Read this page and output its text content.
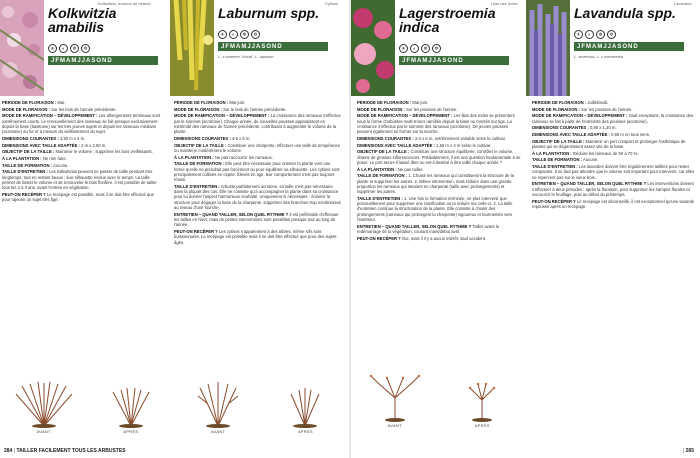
Kolkwitzia, buisson de beauté
Kolkwitzia
amabilis
☀	◐	❄	✲
JFMAMJJASOND

PÉRIODE DE FLORAISON : Mai.

MODE DE FLORAISON : Sur les bois de l'année précédente.

MODE DE RAMIFICATION – DÉVELOPPEMENT : Les allongements terminaux sont extrêmement courts. Le renouvellement des rameaux se fait presque exclusivement depuis la base (basitonie) sur les très jeunes sujets et depuis les rameaux médians (acrotonie) au fur et à mesure du vieillissement du sujet.

DIMENSIONS COURANTES : 3,50 m x 4 m.

DIMENSIONS AVEC TAILLE ADAPTÉE : 2 m x 2,50 m.

OBJECTIF DE LA TAILLE : Maintenir le volume ; supprimer les bois vieillissants.

À LA PLANTATION : Ne rien faire.

TAILLE DE FORMATION : Aucune.

TAILLE D'ENTRETIEN : Les kolkwitzias peuvent se passer de taille pendant très longtemps, tout en restant beaux ; leur silhouette évolue avec le temps. La taille permet de limiter le volume et de renouveler le bois florifère. Il est possible de tailler tous les 2 à 3 ans, avant l'entrée en végétation.

PEUT-ON RECÉPER ? Le recépage est possible, mais il ne doit être effectué que pour rajeunir un sujet très âgé.

Cytises
Laburnum spp.
☀	◐	❄	✲
JFMAMJJASOND
L. x watereri 'Vossii', L. alpinum

PÉRIODE DE FLORAISON : Mai-juin.

MODE DE FLORAISON : Sur le bois de l'année précédente.

MODE DE RAMIFICATION – DÉVELOPPEMENT : La croissance des rameaux s'effectue par le sommet (acrotonie). Chaque année, de nouvelles pousses apparaissent en extrémité des rameaux de l'année précédente, contribuant à augmenter le volume de la plante.

DIMENSIONS COURANTES : 4-5 x 6 m.

OBJECTIF DE LA TAILLE : Constituer une charpente, effectuer une taille de tempérance ou maintenir modérément le volume.

À LA PLANTATION : Ne pas raccourcir les rameaux.

TAILLE DE FORMATION : Elle peut être nécessaire pour orienter la plante vers une forme qu'elle ne prendrait pas forcément ou pour équilibrer sa silhouette. Les cytises sont principalement cultivés en cépée. Élevés en tige, leur comportement n'est pas toujours réussi.

TAILLE D'ENTRETIEN : Arbuste parfaitement acrotone, sa taille n'est pas nécessaire dans la plupart des cas. Elle ne consiste qu'à accompagner la plante dans sa croissance pour lui donner l'aspect harmonieux souhaité. Uniquement si nécessaire : éclaircir la structure pour dégager la base de la charpente, supprimer des branches trop nombreuses au niveau d'une fourche.

ENTRETIEN – QUAND TAILLER, SELON QUEL RYTHME ? Il est préférable d'effectuer les tailles en hiver, mais de petites interventions sont possibles presque tout au long de l'année.

PEUT-ON RECÉPER ? Les cytises s'apparentent à des arbres, même s'ils sont buissonnants. Le recépage est possible mais il ne doit être effectué que pour des sujets âgés.

AVANT	APRÈS	AVANT	APRÈS
Lilas des Indes
Lagerstroemia
indica
☀	◐	❄	✲
JFMAMJJASOND

PÉRIODE DE FLORAISON : Mai-juin.

MODE DE FLORAISON : Sur les pousses de l'année.

MODE DE RAMIFICATION – DÉVELOPPEMENT : Les lilas des Indes se présentent sous la forme d'arbustes multi-troncs ramifiés depuis la base ou montés sur tige. La croissance s'effectue par le sommet des rameaux (acrotonie). De jeunes pousses peuvent également se former sur la souche.

DIMENSIONS COURANTES : 2-3 x 6 m, extrêmement variable selon le cultivar.

DIMENSIONS AVEC TAILLE ADAPTÉE : 1,50 m x 4 m selon le cultivar.

OBJECTIF DE LA TAILLE : Constituer une structure équilibrée, contrôler le volume, obtenir de grosses inflorescences. Préalablement, il est une question fondamentale à se poser. Le port sera-t-il laissé libre ou est-il destiné à être taillé chaque année ?

À LA PLANTATION : Ne pas tailler.

TAILLE DE FORMATION : 1. Choisir les rameaux qui constitueront la structure de la plante et supprimer les autres. 2. Même intervention, mais réduire dans une grande proportion les rameaux qui seraient en charpente (taille avec prolongements) et supprimer les autres.

TAILLE D'ENTRETIEN : 1. Une fois la formation terminée, ne plus intervenir que ponctuellement pour supprimer une ramification ou la réduire sur celle-ci. 2. La taille d'entretien continue la structuration de la plante. Elle consiste à choisir des prolongements (rameaux qui prolongent la charpente) vigoureux et tourmentés vers l'extérieur.

ENTRETIEN – QUAND TAILLER, SELON QUEL RYTHME ? Tailler avant le redémarrage de la végétation, courant mars/début avril.

PEUT-ON RECÉPER ? Oui, mais il n'y a aucun intérêt, sauf accident.

Lavandes
Lavandula spp.
☀	◐	❄	✲
JFMAMJJASOND
L. stoechas, L. x intermedia

PÉRIODE DE FLORAISON : Juillet/août.

MODE DE FLORAISON : Sur les pousses de l'année.

MODE DE RAMIFICATION – DÉVELOPPEMENT : Sauf exceptions, la croissance des rameaux se fait à partir de l'extrémité des pousses (acrotonie).

DIMENSIONS COURANTES : 0,80 x 1,20 m.

DIMENSIONS AVEC TAILLE ADAPTÉE : 0,60 m en tous sens.

OBJECTIF DE LA TAILLE : Maintenir un port compact et prolonger l'esthétique de plantes qui se dégarnissent assez vite de la base.

À LA PLANTATION : Réduire les rameaux de 50 à 70 %.

TAILLE DE FORMATION : Aucune.

TAILLE D'ENTRETIEN : Les lavandes doivent être régulièrement taillées pour rester compactes. Il ne faut pas attendre que le volume soit important pour intervenir, car elles ne repercent pas sur le vieux bois.

ENTRETIEN – QUAND TAILLER, SELON QUEL RYTHME ? Les interventions doivent s'effectuer à deux périodes : après la floraison, pour supprimer les hampes florales et raccourcir le feuillage, puis au début du printemps.

PEUT-ON RECÉPER ? Le recépage est déconseillé, il est exceptionnel qu'une lavande repousse après un recépage.

AVANT	APRÈS
284 | TAILLER FACILEMENT TOUS LES ARBUSTES	| 285
